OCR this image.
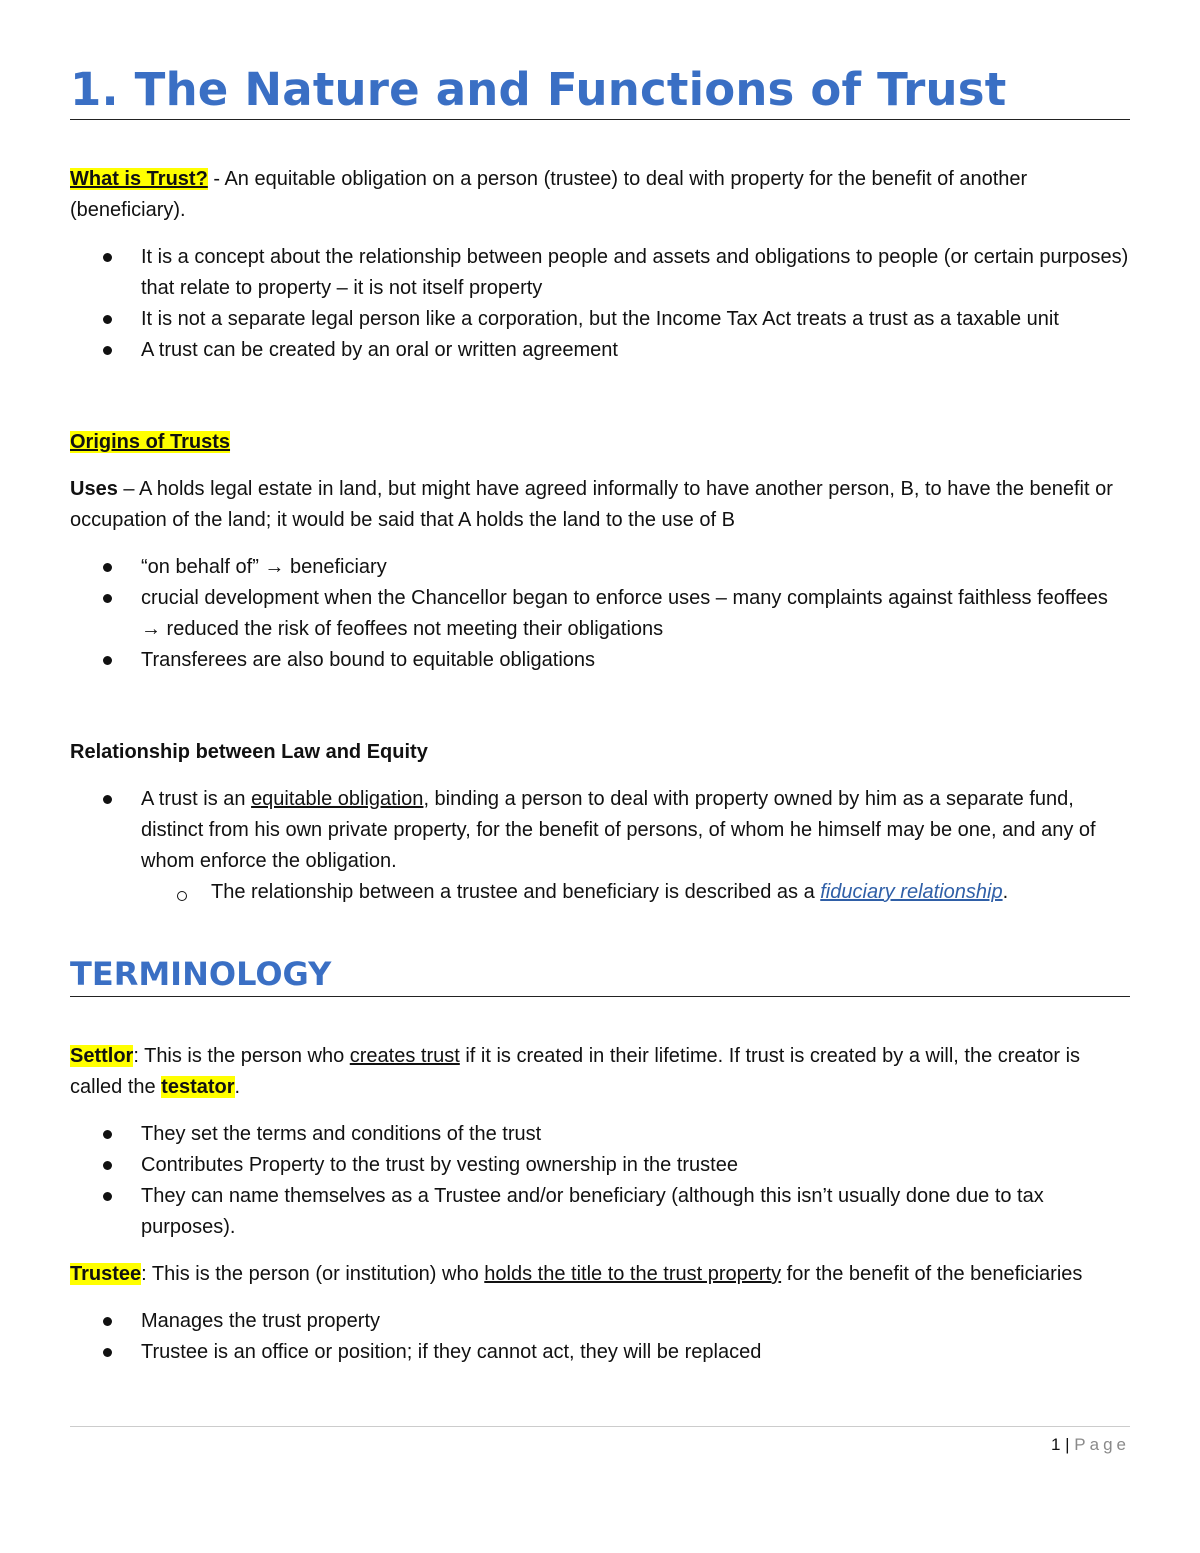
1. The Nature and Functions of Trust

What is Trust? - An equitable obligation on a person (trustee) to deal with property for the benefit of another (beneficiary).

It is a concept about the relationship between people and assets and obligations to people (or certain purposes) that relate to property – it is not itself property
It is not a separate legal person like a corporation, but the Income Tax Act treats a trust as a taxable unit
A trust can be created by an oral or written agreement

Origins of Trusts

Uses – A holds legal estate in land, but might have agreed informally to have another person, B, to have the benefit or occupation of the land; it would be said that A holds the land to the use of B

“on behalf of” → beneficiary
crucial development when the Chancellor began to enforce uses – many complaints against faithless feoffees → reduced the risk of feoffees not meeting their obligations
Transferees are also bound to equitable obligations

Relationship between Law and Equity

A trust is an equitable obligation, binding a person to deal with property owned by him as a separate fund, distinct from his own private property, for the benefit of persons, of whom he himself may be one, and any of whom enforce the obligation.
The relationship between a trustee and beneficiary is described as a fiduciary relationship.
TERMINOLOGY

Settlor: This is the person who creates trust if it is created in their lifetime. If trust is created by a will, the creator is called the testator.

They set the terms and conditions of the trust
Contributes Property to the trust by vesting ownership in the trustee
They can name themselves as a Trustee and/or beneficiary (although this isn’t usually done due to tax purposes).

Trustee: This is the person (or institution) who holds the title to the trust property for the benefit of the beneficiaries

Manages the trust property
Trustee is an office or position; if they cannot act, they will be replaced
1 | Page
